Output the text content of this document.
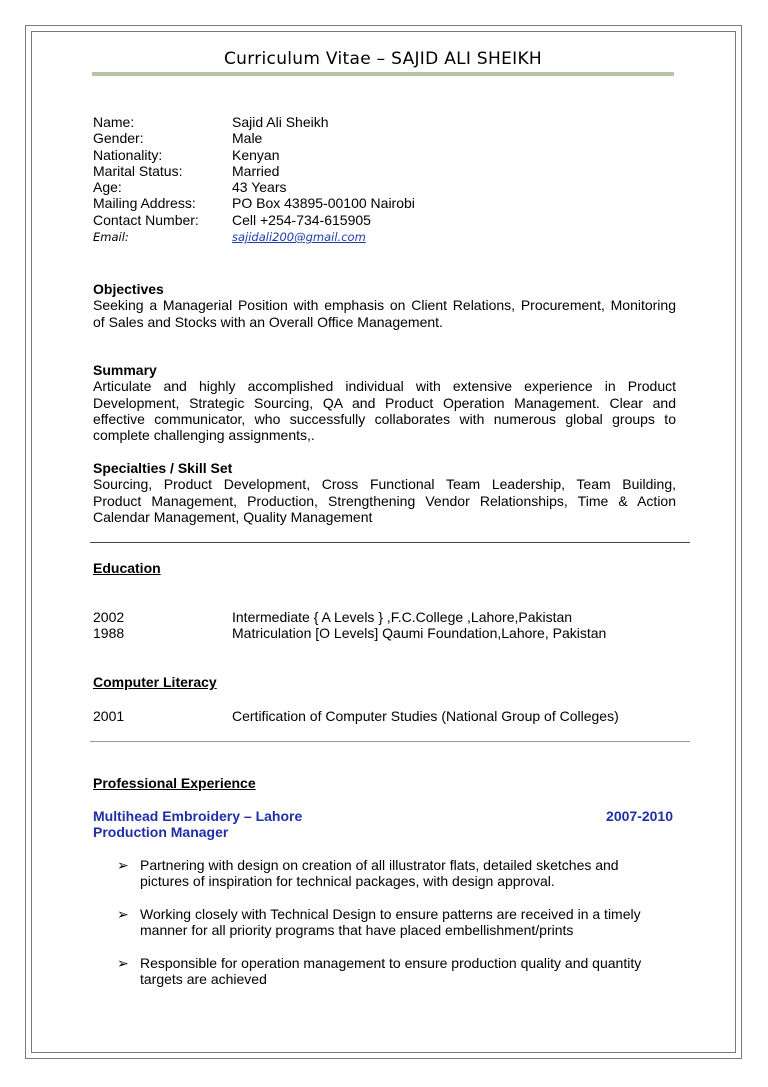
Curriculum Vitae – SAJID ALI SHEIKH
Name:	Sajid Ali Sheikh
Gender:	Male
Nationality:	Kenyan
Marital Status:	Married
Age:	43 Years
Mailing Address:	PO Box 43895-00100 Nairobi
Contact Number: Cell +254-734-615905
Email:	sajidali200@gmail.com
Objectives
Seeking a Managerial Position with emphasis on Client Relations, Procurement, Monitoring
of Sales and Stocks with an Overall Office Management.
Summary
Articulate and highly accomplished individual with extensive experience in Product
Development, Strategic Sourcing, QA and Product Operation Management. Clear and
effective communicator, who successfully collaborates with numerous global groups to
complete challenging assignments,.
Specialties / Skill Set
Sourcing, Product Development, Cross Functional Team Leadership, Team Building,
Product Management, Production, Strengthening Vendor Relationships, Time & Action
Calendar Management, Quality Management
Education
2002	Intermediate { A Levels } ,F.C.College ,Lahore,Pakistan
1988	Matriculation [O Levels] Qaumi Foundation,Lahore, Pakistan
Computer Literacy
2001	Certification of Computer Studies (National Group of Colleges)
Professional Experience
Multihead Embroidery – Lahore	2007-2010
Production Manager
➢ Partnering with design on creation of all illustrator flats, detailed sketches and
pictures of inspiration for technical packages, with design approval.
➢ Working closely with Technical Design to ensure patterns are received in a timely
manner for all priority programs that have placed embellishment/prints
➢ Responsible for operation management to ensure production quality and quantity
targets are achieved
